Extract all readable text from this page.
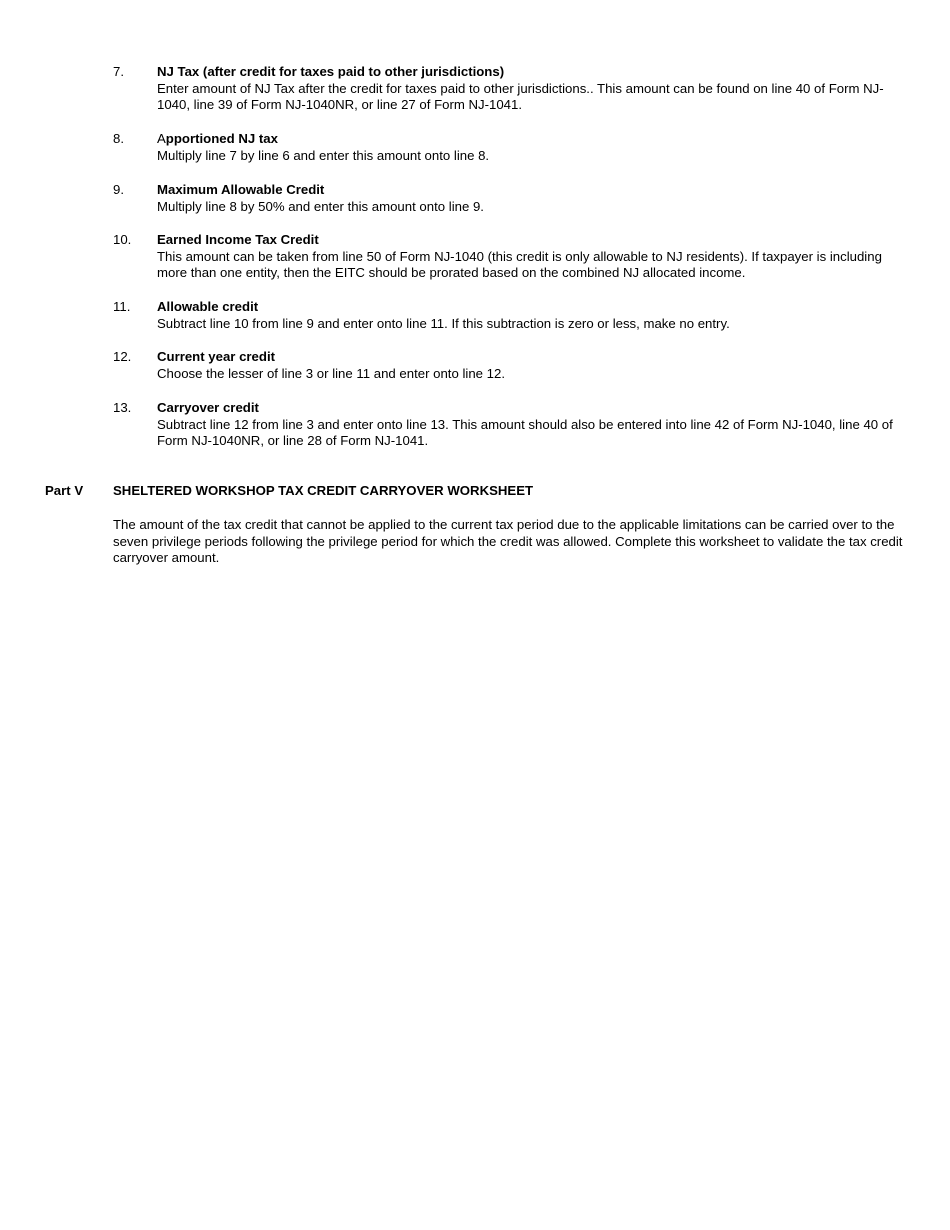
7.	NJ Tax (after credit for taxes paid to other jurisdictions)
Enter amount of NJ Tax after the credit for taxes paid to other jurisdictions.. This amount can be found on line 40 of Form NJ-1040, line 39 of Form NJ-1040NR, or line 27 of Form NJ-1041.
8.	Apportioned NJ tax
Multiply line 7 by line 6 and enter this amount onto line 8.
9.	Maximum Allowable Credit
Multiply line 8 by 50% and enter this amount onto line 9.
10.	Earned Income Tax Credit
This amount can be taken from line 50 of Form NJ-1040 (this credit is only allowable to NJ residents). If taxpayer is including more than one entity, then the EITC should be prorated based on the combined NJ allocated income.
11.	Allowable credit
Subtract line 10 from line 9 and enter onto line 11. If this subtraction is zero or less, make no entry.
12.	Current year credit
Choose the lesser of line 3 or line 11 and enter onto line 12.
13.	Carryover credit
Subtract line 12 from line 3 and enter onto line 13. This amount should also be entered into line 42 of Form NJ-1040, line 40 of Form NJ-1040NR, or line 28 of Form NJ-1041.
Part V SHELTERED WORKSHOP TAX CREDIT CARRYOVER WORKSHEET
The amount of the tax credit that cannot be applied to the current tax period due to the applicable limitations can be carried over to the seven privilege periods following the privilege period for which the credit was allowed. Complete this worksheet to validate the tax credit carryover amount.
